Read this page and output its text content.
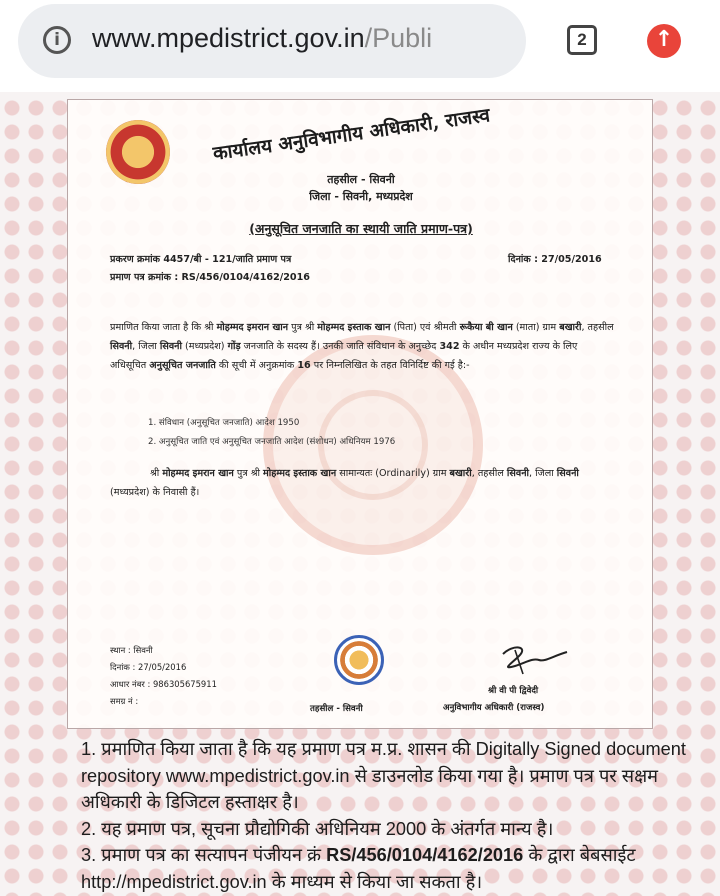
i	www.mpedistrict.gov.in/Publi	2	↑
कार्यालय अनुविभागीय अधिकारी, राजस्व
तहसील - सिवनी
जिला - सिवनी, मध्यप्रदेश
(अनुसूचित जनजाति का स्थायी जाति प्रमाण-पत्र)
प्रकरण क्रमांक 4457/बी - 121/जाति प्रमाण पत्र
प्रमाण पत्र क्रमांक : RS/456/0104/4162/2016
दिनांक : 27/05/2016
प्रमाणित किया जाता है कि श्री मोहम्मद इमरान खान पुत्र श्री मोहम्मद इस्ताक खान (पिता) एवं श्रीमती रूकैया बी खान (माता) ग्राम बखारी, तहसील सिवनी, जिला सिवनी (मध्यप्रदेश) गोंड़ जनजाति के सदस्य हैं। उनकी जाति संविधान के अनुच्छेद 342 के अधीन मध्यप्रदेश राज्य के लिए अधिसूचित अनुसूचित जनजाति की सूची में अनुक्रमांक 16 पर निम्नलिखित के तहत विनिर्दिष्ट की गई है:-
1. संविधान (अनुसूचित जनजाति) आदेश 1950
2. अनुसूचित जाति एवं अनुसूचित जनजाति आदेश (संशोधन) अधिनियम 1976
श्री मोहम्मद इमरान खान पुत्र श्री मोहम्मद इस्ताक खान सामान्यतः (Ordinarily) ग्राम बखारी, तहसील सिवनी, जिला सिवनी (मध्यप्रदेश) के निवासी हैं।
स्थान : सिवनी
दिनांक : 27/05/2016
आधार नंबर : 986305675911
समग्र नं :
तहसील - सिवनी
श्री वी पी द्विवेदी
अनुविभागीय अधिकारी (राजस्व)

1. प्रमाणित किया जाता है कि यह प्रमाण पत्र म.प्र. शासन की Digitally Signed document repository www.mpedistrict.gov.in से डाउनलोड किया गया है। प्रमाण पत्र पर सक्षम अधिकारी के डिजिटल हस्ताक्षर है।

2. यह प्रमाण पत्र, सूचना प्रौद्योगिकी अधिनियम 2000 के अंतर्गत मान्य है।

3. प्रमाण पत्र का सत्यापन पंजीयन क्रं RS/456/0104/4162/2016 के द्वारा बेबसाईट http://mpedistrict.gov.in के माध्यम से किया जा सकता है।
